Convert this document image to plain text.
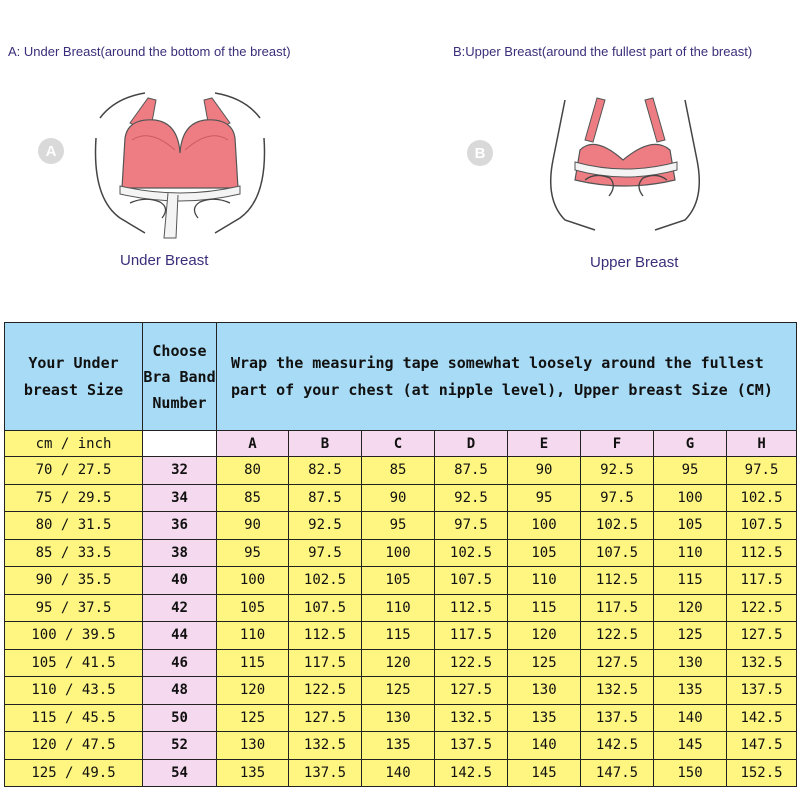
A: Under Breast(around the bottom of the breast)	B:Upper Breast(around the fullest part of the breast)
A	B
Under Breast	Upper Breast
Your Under breast Size	Choose Bra Band Number	Wrap the measuring tape somewhat loosely around the fullest part of your chest (at nipple level), Upper breast Size (CM)							
cm / inch		A	B	C	D	E	F	G	H
70 / 27.5	32	80	82.5	85	87.5	90	92.5	95	97.5
75 / 29.5	34	85	87.5	90	92.5	95	97.5	100	102.5
80 / 31.5	36	90	92.5	95	97.5	100	102.5	105	107.5
85 / 33.5	38	95	97.5	100	102.5	105	107.5	110	112.5
90 / 35.5	40	100	102.5	105	107.5	110	112.5	115	117.5
95 / 37.5	42	105	107.5	110	112.5	115	117.5	120	122.5
100 / 39.5	44	110	112.5	115	117.5	120	122.5	125	127.5
105 / 41.5	46	115	117.5	120	122.5	125	127.5	130	132.5
110 / 43.5	48	120	122.5	125	127.5	130	132.5	135	137.5
115 / 45.5	50	125	127.5	130	132.5	135	137.5	140	142.5
120 / 47.5	52	130	132.5	135	137.5	140	142.5	145	147.5
125 / 49.5	54	135	137.5	140	142.5	145	147.5	150	152.5
